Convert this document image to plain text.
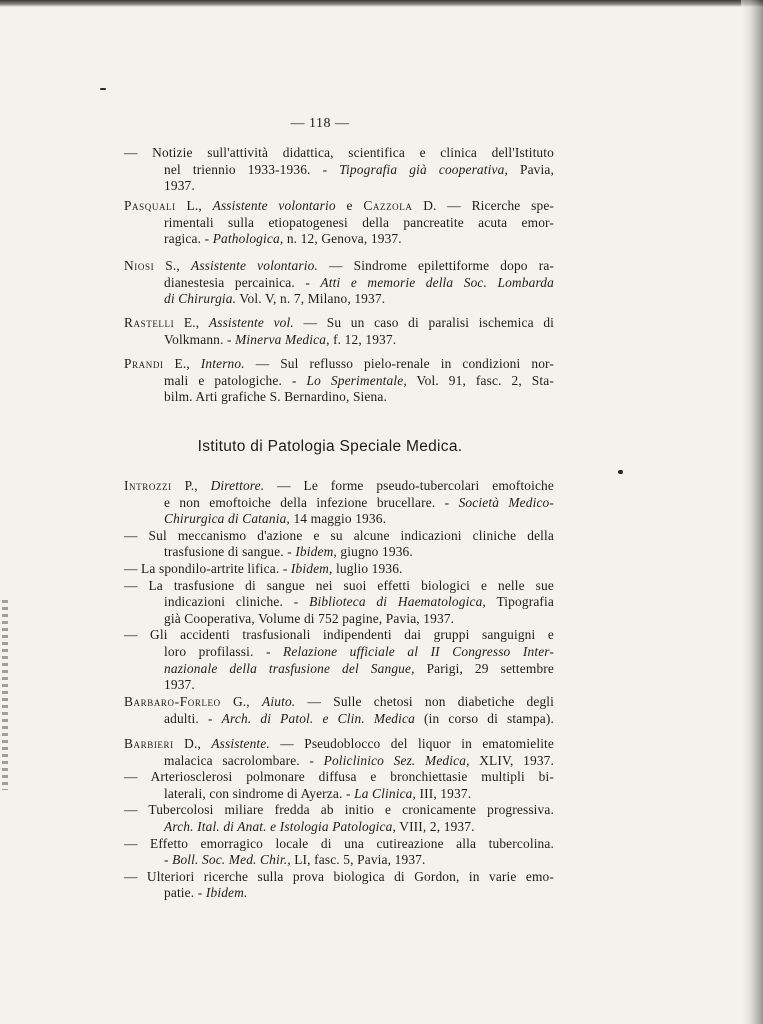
— 118 —
— Notizie sull'attività didattica, scientifica e clinica dell'Istituto
nel triennio 1933-1936. - Tipografia già cooperativa, Pavia,
1937.
Pasquali L., Assistente volontario e Cazzola D. — Ricerche spe-
rimentali sulla etiopatogenesi della pancreatite acuta emor-
ragica. - Pathologica, n. 12, Genova, 1937.
Niosi S., Assistente volontario. — Sindrome epilettiforme dopo ra-
dianestesia percainica. - Atti e memorie della Soc. Lombarda
di Chirurgia. Vol. V, n. 7, Milano, 1937.
Rastelli E., Assistente vol. — Su un caso di paralisi ischemica di
Volkmann. - Minerva Medica, f. 12, 1937.
Prandi E., Interno. — Sul reflusso pielo-renale in condizioni nor-
mali e patologiche. - Lo Sperimentale, Vol. 91, fasc. 2, Sta-
bilm. Arti grafiche S. Bernardino, Siena.
Istituto di Patologia Speciale Medica.
Introzzi P., Direttore. — Le forme pseudo-tubercolari emoftoiche
e non emoftoiche della infezione brucellare. - Società Medico-
Chirurgica di Catania, 14 maggio 1936.
— Sul meccanismo d'azione e su alcune indicazioni cliniche della
trasfusione di sangue. - Ibidem, giugno 1936.
— La spondilo-artrite lifica. - Ibidem, luglio 1936.
— La trasfusione di sangue nei suoi effetti biologici e nelle sue
indicazioni cliniche. - Biblioteca di Haematologica, Tipografia
già Cooperativa, Volume di 752 pagine, Pavia, 1937.
— Gli accidenti trasfusionali indipendenti dai gruppi sanguigni e
loro profilassi. - Relazione ufficiale al II Congresso Inter-
nazionale della trasfusione del Sangue, Parigi, 29 settembre
1937.
Barbaro-Forleo G., Aiuto. — Sulle chetosi non diabetiche degli
adulti. - Arch. di Patol. e Clin. Medica (in corso di stampa).
Barbieri D., Assistente. — Pseudoblocco del liquor in ematomielite
malacica sacrolombare. - Policlinico Sez. Medica, XLIV, 1937.
— Arteriosclerosi polmonare diffusa e bronchiettasie multipli bi-
laterali, con sindrome di Ayerza. - La Clinica, III, 1937.
— Tubercolosi miliare fredda ab initio e cronicamente progressiva.
Arch. Ital. di Anat. e Istologia Patologica, VIII, 2, 1937.
— Effetto emorragico locale di una cutireazione alla tubercolina.
- Boll. Soc. Med. Chir., LI, fasc. 5, Pavia, 1937.
— Ulteriori ricerche sulla prova biologica di Gordon, in varie emo-
patie. - Ibidem.
